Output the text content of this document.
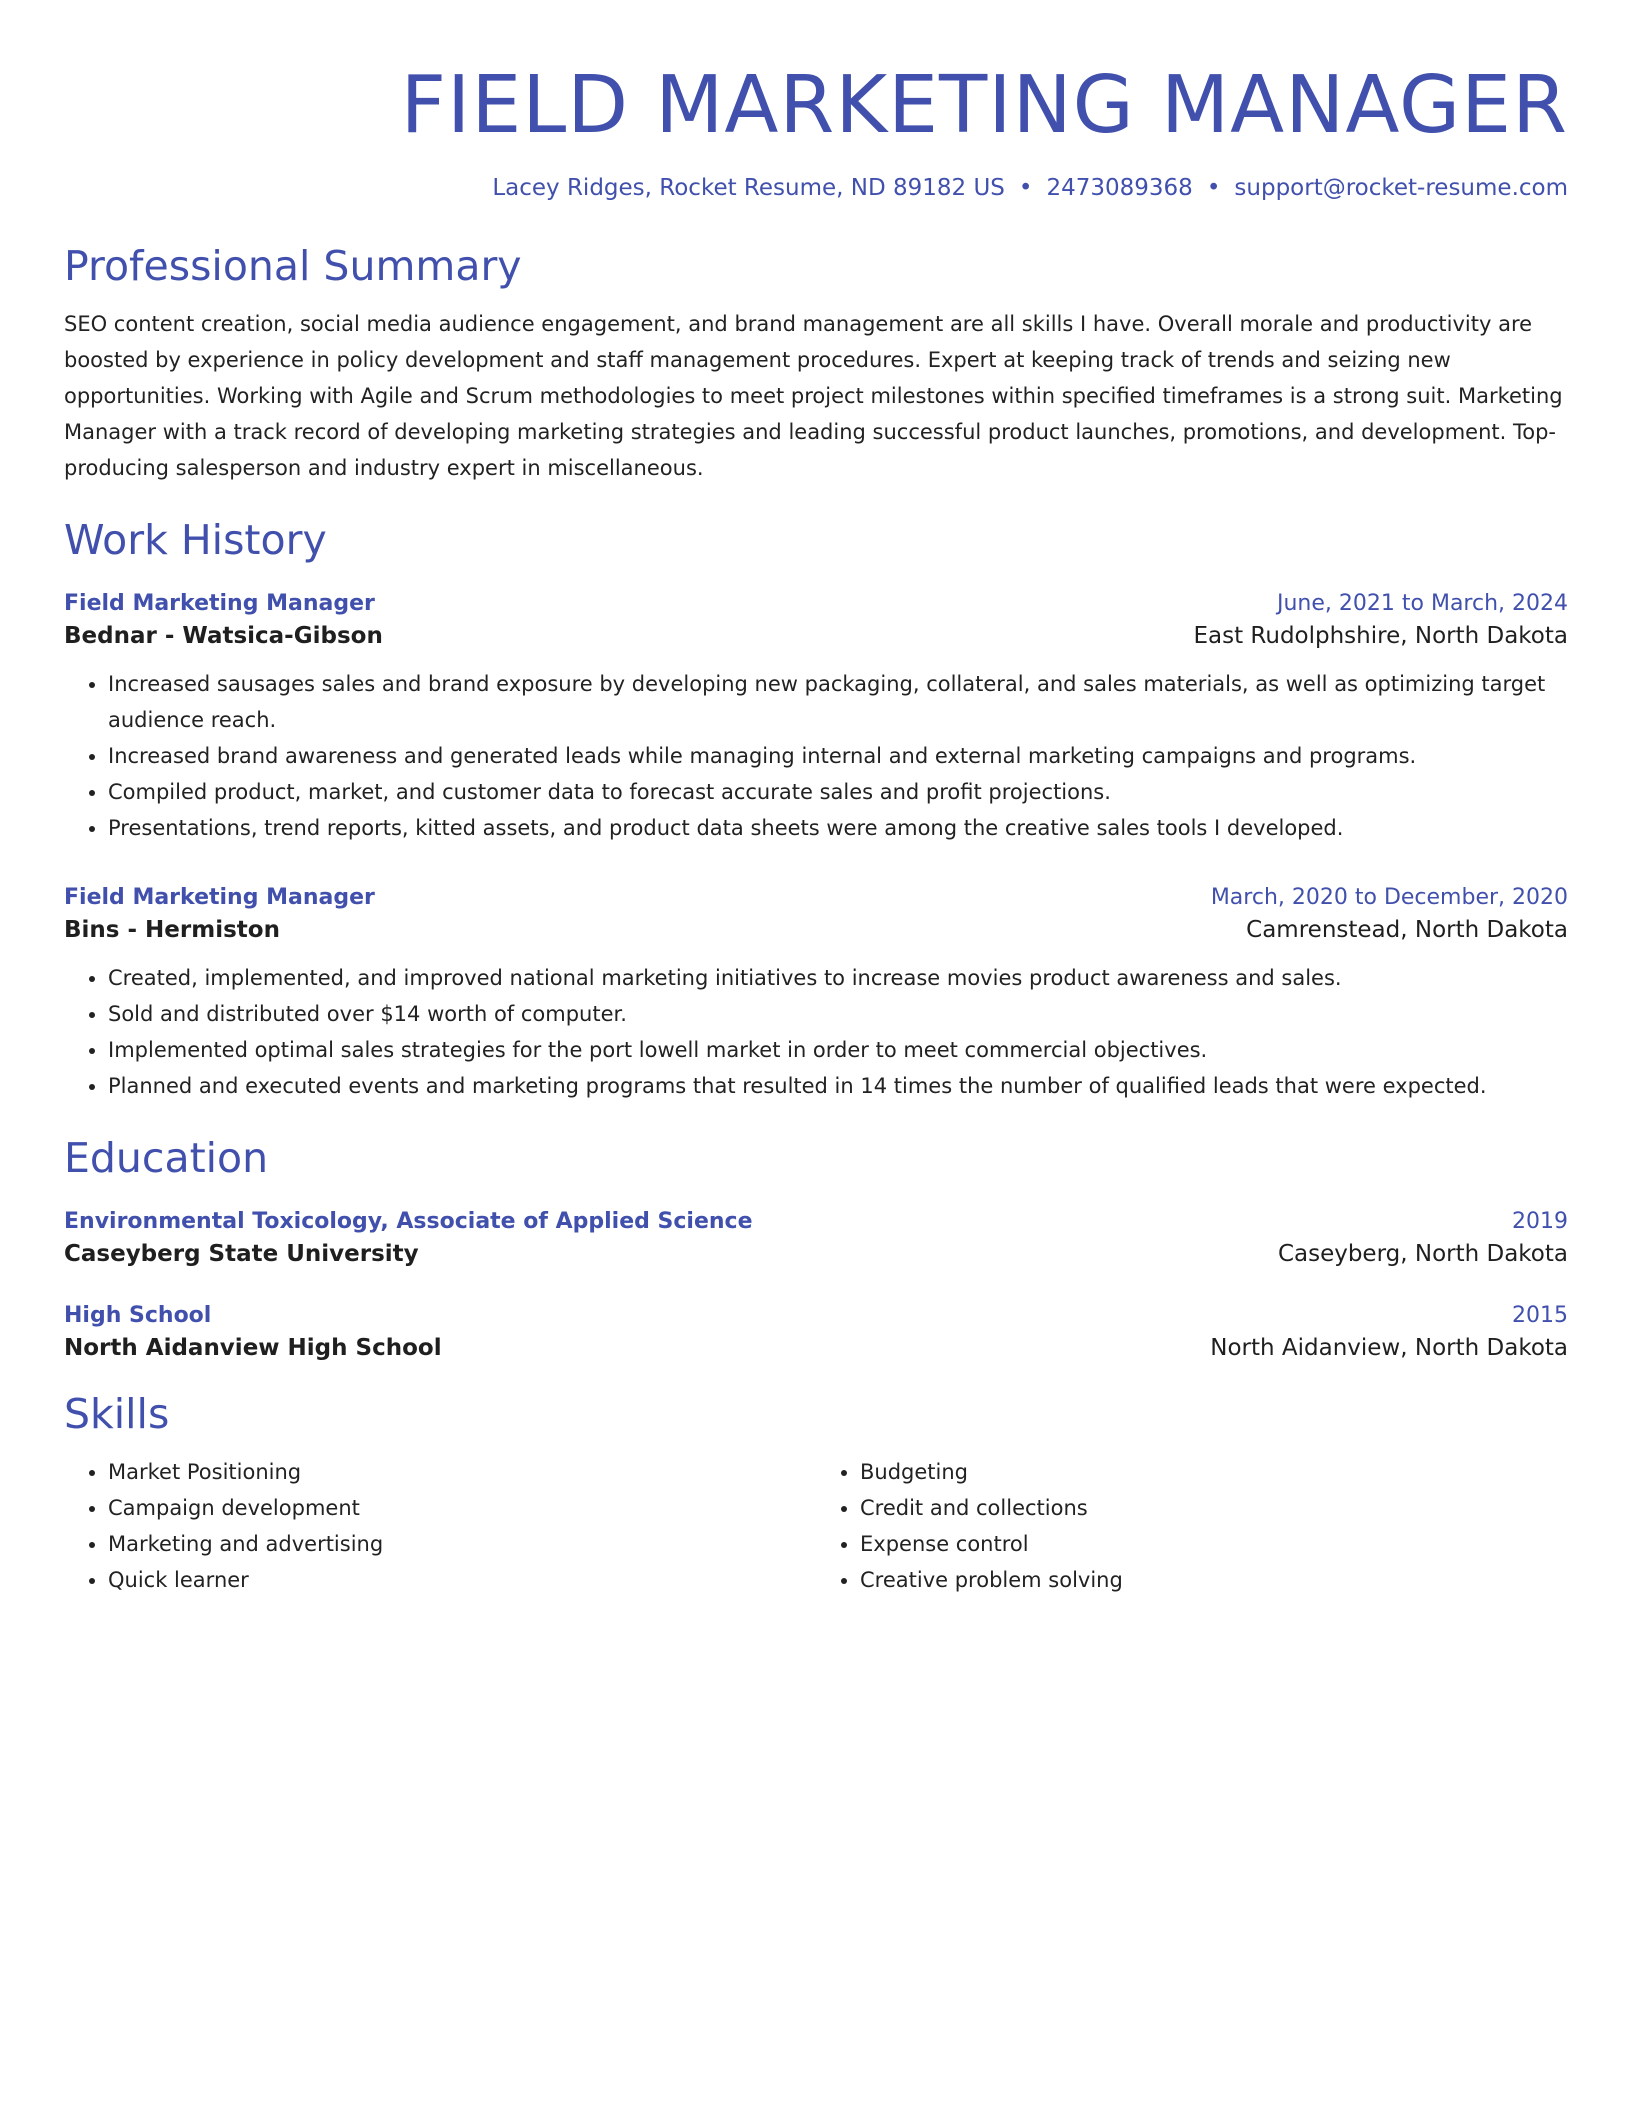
FIELD MARKETING MANAGER
Lacey Ridges, Rocket Resume, ND 89182 US • 2473089368 • support@rocket-resume.com
Professional Summary
SEO content creation, social media audience engagement, and brand management are all skills I have. Overall morale and productivity are boosted by experience in policy development and staff management procedures. Expert at keeping track of trends and seizing new opportunities. Working with Agile and Scrum methodologies to meet project milestones within specified timeframes is a strong suit. Marketing Manager with a track record of developing marketing strategies and leading successful product launches, promotions, and development. Top-producing salesperson and industry expert in miscellaneous.
Work History
Field Marketing Manager	June, 2021 to March, 2024
Bednar - Watsica-Gibson	East Rudolphshire, North Dakota
• Increased sausages sales and brand exposure by developing new packaging, collateral, and sales materials, as well as optimizing target audience reach.
• Increased brand awareness and generated leads while managing internal and external marketing campaigns and programs.
• Compiled product, market, and customer data to forecast accurate sales and profit projections.
• Presentations, trend reports, kitted assets, and product data sheets were among the creative sales tools I developed.
Field Marketing Manager	March, 2020 to December, 2020
Bins - Hermiston	Camrenstead, North Dakota
• Created, implemented, and improved national marketing initiatives to increase movies product awareness and sales.
• Sold and distributed over $14 worth of computer.
• Implemented optimal sales strategies for the port lowell market in order to meet commercial objectives.
• Planned and executed events and marketing programs that resulted in 14 times the number of qualified leads that were expected.
Education
Environmental Toxicology, Associate of Applied Science	2019
Caseyberg State University	Caseyberg, North Dakota
High School	2015
North Aidanview High School	North Aidanview, North Dakota
Skills
• Market Positioning
• Campaign development
• Marketing and advertising
• Quick learner
• Budgeting
• Credit and collections
• Expense control
• Creative problem solving
